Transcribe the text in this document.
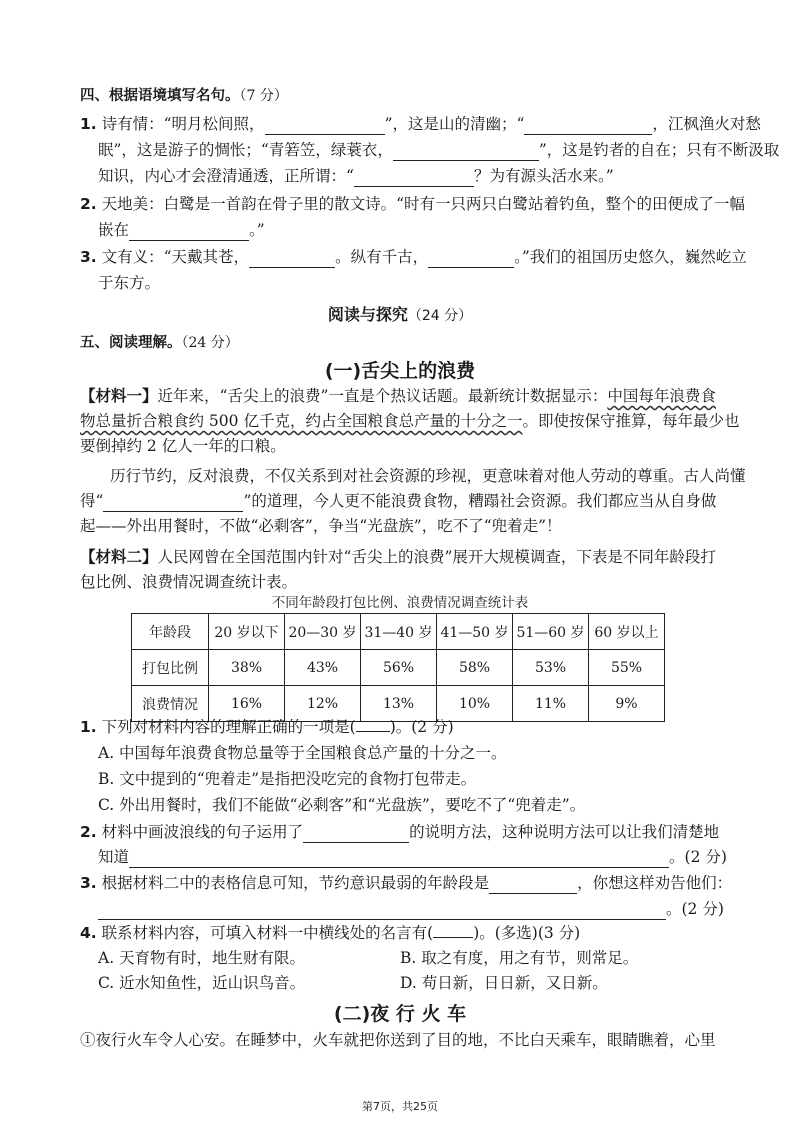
四、根据语境填写名句。（7 分）
1. 诗有情：“明月松间照，	”，这是山的清幽；“	，江枫渔火对愁
眠”，这是游子的惆怅；“青箬笠，绿蓑衣，	”，这是钓者的自在；只有不断汲取
知识，内心才会澄清通透，正所谓：“	？为有源头活水来。”
2. 天地美：白鹭是一首韵在骨子里的散文诗。“时有一只两只白鹭站着钓鱼，整个的田便成了一幅
嵌在	。”
3. 文有义：“天戴其苍，	。纵有千古，	。”我们的祖国历史悠久，巍然屹立
于东方。
阅读与探究（24 分）
五、阅读理解。（24 分）
(一)舌尖上的浪费
【材料一】近年来，“舌尖上的浪费”一直是个热议话题。最新统计数据显示：中国每年浪费食
物总量折合粮食约 500 亿千克，约占全国粮食总产量的十分之一。即使按保守推算，每年最少也
要倒掉约 2 亿人一年的口粮。
历行节约，反对浪费，不仅关系到对社会资源的珍视，更意味着对他人劳动的尊重。古人尚懂
得“	”的道理，今人更不能浪费食物，糟蹋社会资源。我们都应当从自身做
起——外出用餐时，不做“必剩客”，争当“光盘族”，吃不了“兜着走”！
【材料二】人民网曾在全国范围内针对“舌尖上的浪费”展开大规模调查，下表是不同年龄段打
包比例、浪费情况调查统计表。
不同年龄段打包比例、浪费情况调查统计表
年龄段	20 岁以下	20—30 岁	31—40 岁	41—50 岁	51—60 岁	60 岁以上
打包比例	38%	43%	56%	58%	53%	55%
浪费情况	16%	12%	13%	10%	11%	9%
1. 下列对材料内容的理解正确的一项是( )。(2 分)
A. 中国每年浪费食物总量等于全国粮食总产量的十分之一。
B. 文中提到的“兜着走”是指把没吃完的食物打包带走。
C. 外出用餐时，我们不能做“必剩客”和“光盘族”，要吃不了“兜着走”。
2. 材料中画波浪线的句子运用了	的说明方法，这种说明方法可以让我们清楚地
知道	。(2 分)
3. 根据材料二中的表格信息可知，节约意识最弱的年龄段是	，你想这样劝告他们：
。(2 分)
4. 联系材料内容，可填入材料一中横线处的名言有(	)。(多选)(3 分)
A. 天育物有时，地生财有限。	B. 取之有度，用之有节，则常足。
C. 近水知鱼性，近山识鸟音。	D. 苟日新，日日新，又日新。
(二)夜 行 火 车
①夜行火车令人心安。在睡梦中，火车就把你送到了目的地，不比白天乘车，眼睛瞧着，心里
第7页，共25页
